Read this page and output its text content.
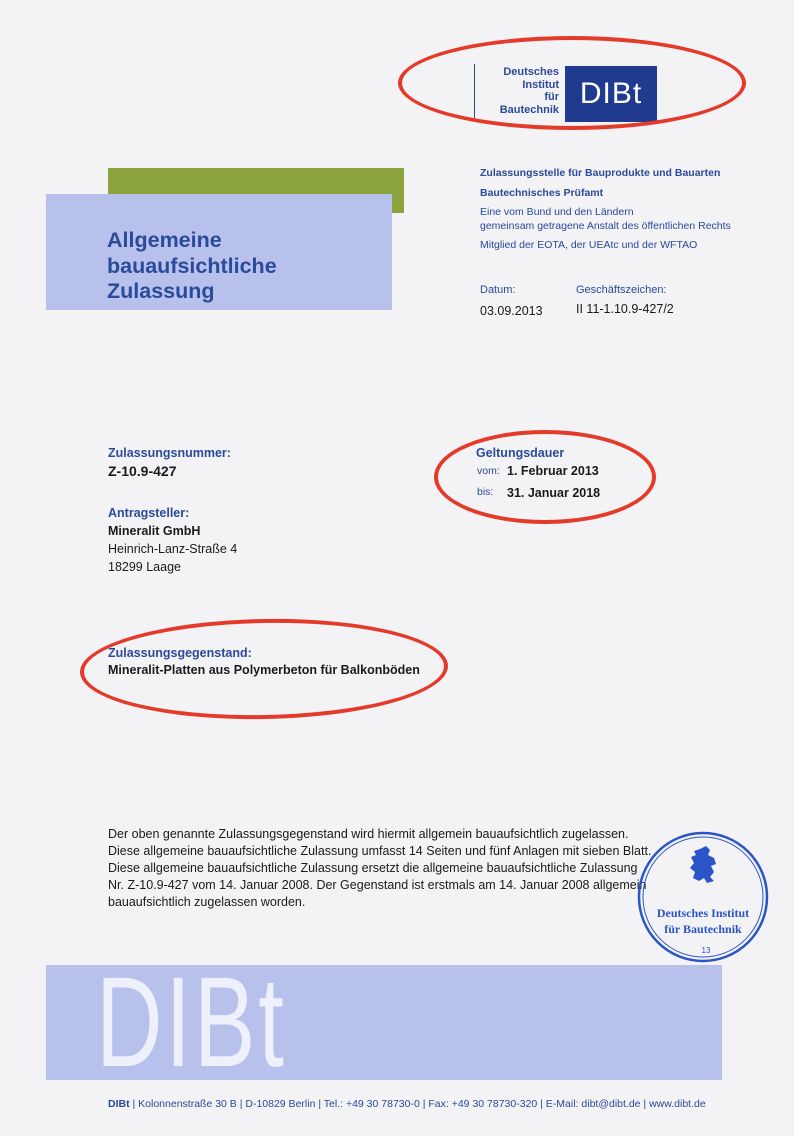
Deutsches
Institut
für
Bautechnik DIBt
Allgemeine
bauaufsichtliche
Zulassung
Zulassungsstelle für Bauprodukte und Bauarten
Bautechnisches Prüfamt
Eine vom Bund und den Ländern
gemeinsam getragene Anstalt des öffentlichen Rechts
Mitglied der EOTA, der UEAtc und der WFTAO
Datum:
03.09.2013
Geschäftszeichen:
II 11-1.10.9-427/2
Zulassungsnummer:
Z-10.9-427
Antragsteller:
Mineralit GmbH
Heinrich-Lanz-Straße 4
18299 Laage
Geltungsdauer
vom: 1. Februar 2013
bis: 31. Januar 2018
Zulassungsgegenstand:
Mineralit-Platten aus Polymerbeton für Balkonböden
Der oben genannte Zulassungsgegenstand wird hiermit allgemein bauaufsichtlich zugelassen.
Diese allgemeine bauaufsichtliche Zulassung umfasst 14 Seiten und fünf Anlagen mit sieben Blatt.
Diese allgemeine bauaufsichtliche Zulassung ersetzt die allgemeine bauaufsichtliche Zulassung
Nr. Z-10.9-427 vom 14. Januar 2008. Der Gegenstand ist erstmals am 14. Januar 2008 allgemein
bauaufsichtlich zugelassen worden.
Deutsches Institut
für Bautechnik
13
DIBt
DIBt | Kolonnenstraße 30 B | D-10829 Berlin | Tel.: +49 30 78730-0 | Fax: +49 30 78730-320 | E-Mail: dibt@dibt.de | www.dibt.de
